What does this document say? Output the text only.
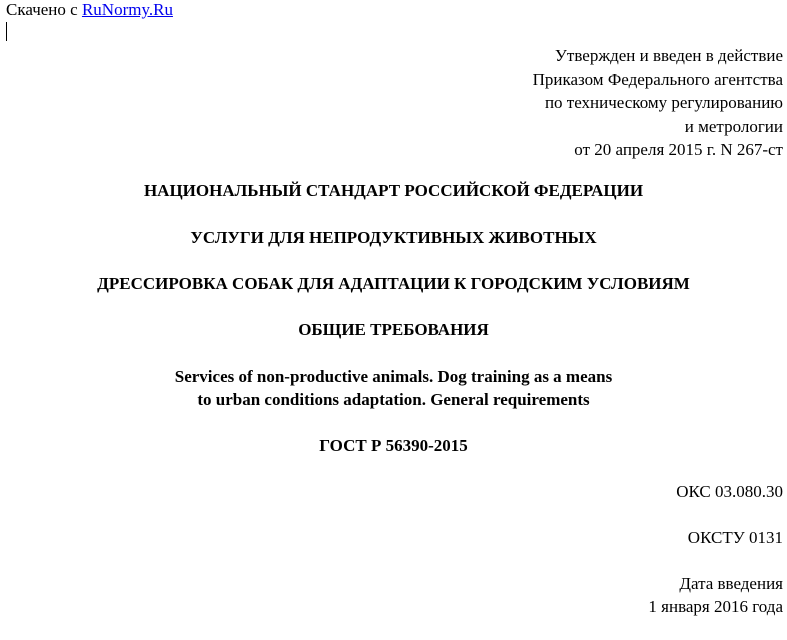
Скачено с RuNormy.Ru
Утвержден и введен в действие
Приказом Федерального агентства
по техническому регулированию
и метрологии
от 20 апреля 2015 г. N 267-ст
НАЦИОНАЛЬНЫЙ СТАНДАРТ РОССИЙСКОЙ ФЕДЕРАЦИИ
УСЛУГИ ДЛЯ НЕПРОДУКТИВНЫХ ЖИВОТНЫХ
ДРЕССИРОВКА СОБАК ДЛЯ АДАПТАЦИИ К ГОРОДСКИМ УСЛОВИЯМ
ОБЩИЕ ТРЕБОВАНИЯ
Services of non-productive animals. Dog training as a means
to urban conditions adaptation. General requirements
ГОСТ Р 56390-2015
ОКС 03.080.30
ОКСТУ 0131
Дата введения
1 января 2016 года
